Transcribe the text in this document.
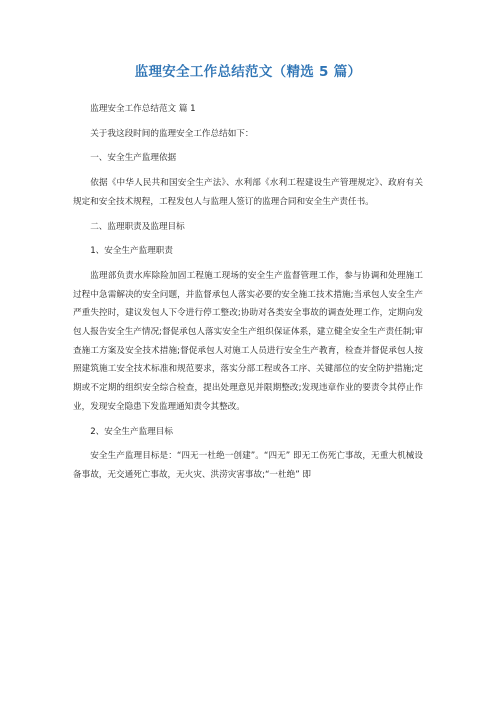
监理安全工作总结范文（精选 5 篇）

监理安全工作总结范文 篇 1

关于我这段时间的监理安全工作总结如下：

一、安全生产监理依据

依据《中华人民共和国安全生产法》、水利部《水利工程建设生产管理规定》、政府有关规定和安全技术规程，工程发包人与监理人签订的监理合同和安全生产责任书。

二、监理职责及监理目标

1、安全生产监理职责

监理部负责水库除险加固工程施工现场的安全生产监督管理工作，参与协调和处理施工过程中急需解决的安全问题，并监督承包人落实必要的安全施工技术措施;当承包人安全生产严重失控时，建议发包人下令进行停工整改;协助对各类安全事故的调查处理工作，定期向发包人报告安全生产情况;督促承包人落实安全生产组织保证体系，建立健全安全生产责任制;审查施工方案及安全技术措施;督促承包人对施工人员进行安全生产教育，检查并督促承包人按照建筑施工安全技术标准和规范要求，落实分部工程或各工序、关键部位的安全防护措施;定期或不定期的组织安全综合检查，提出处理意见并限期整改;发现违章作业的要责令其停止作业，发现安全隐患下发监理通知责令其整改。

2、安全生产监理目标

安全生产监理目标是：“四无一杜绝一创建”。“四无” 即无工伤死亡事故，无重大机械设备事故，无交通死亡事故，无火灾、洪涝灾害事故;“一杜绝” 即
